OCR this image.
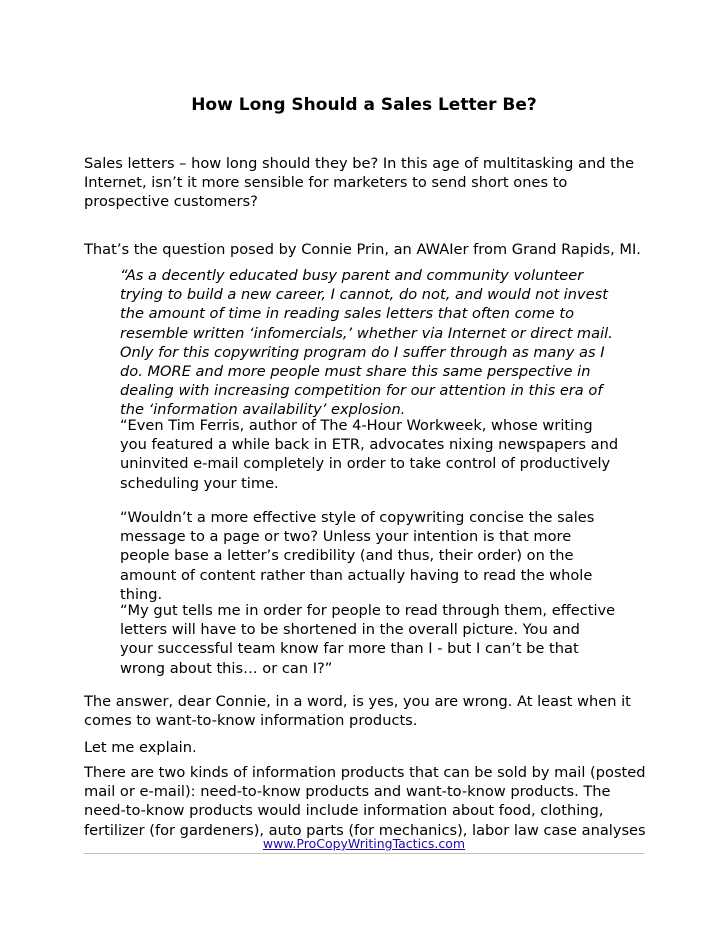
How Long Should a Sales Letter Be?

Sales letters – how long should they be? In this age of multitasking and the
Internet, isn’t it more sensible for marketers to send short ones to
prospective customers?

That’s the question posed by Connie Prin, an AWAIer from Grand Rapids, MI.

“As a decently educated busy parent and community volunteer
trying to build a new career, I cannot, do not, and would not invest
the amount of time in reading sales letters that often come to
resemble written ‘infomercials,’ whether via Internet or direct mail.
Only for this copywriting program do I suffer through as many as I
do. MORE and more people must share this same perspective in
dealing with increasing competition for our attention in this era of
the ‘information availability’ explosion.

“Even Tim Ferris, author of The 4-Hour Workweek, whose writing
you featured a while back in ETR, advocates nixing newspapers and
uninvited e-mail completely in order to take control of productively
scheduling your time.

“Wouldn’t a more effective style of copywriting concise the sales
message to a page or two? Unless your intention is that more
people base a letter’s credibility (and thus, their order) on the
amount of content rather than actually having to read the whole
thing.

“My gut tells me in order for people to read through them, effective
letters will have to be shortened in the overall picture. You and
your successful team know far more than I - but I can’t be that
wrong about this… or can I?”

The answer, dear Connie, in a word, is yes, you are wrong. At least when it
comes to want-to-know information products.

Let me explain.

There are two kinds of information products that can be sold by mail (posted
mail or e-mail): need-to-know products and want-to-know products. The
need-to-know products would include information about food, clothing,
fertilizer (for gardeners), auto parts (for mechanics), labor law case analyses

www.ProCopyWritingTactics.com
